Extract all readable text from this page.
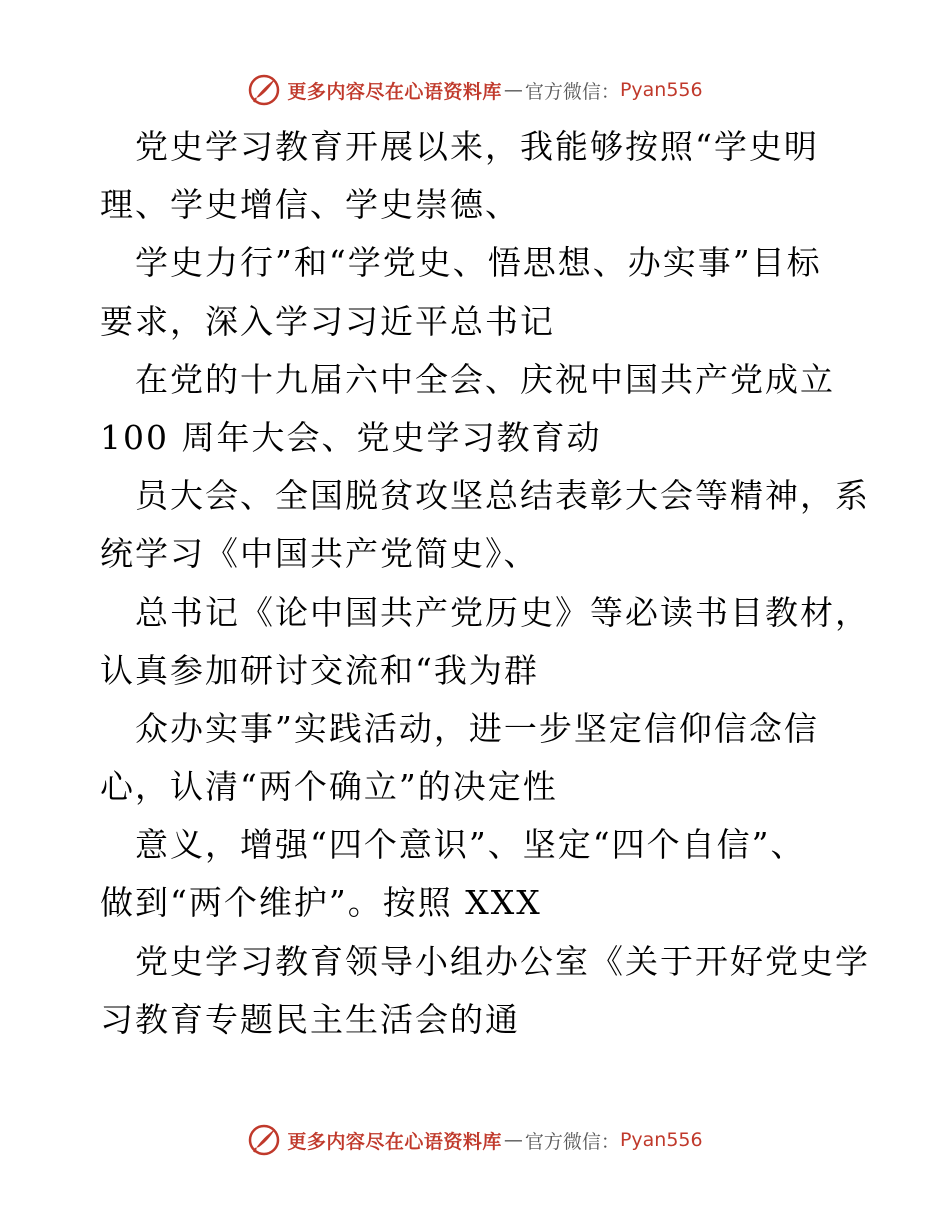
更多内容尽在心语资料库 — 官方微信： Pyan556
党史学习教育开展以来，我能够按照“学史明
理、学史增信、学史崇德、
学史力行”和“学党史、悟思想、办实事”目标
要求，深入学习习近平总书记
在党的十九届六中全会、庆祝中国共产党成立
100 周年大会、党史学习教育动
员大会、全国脱贫攻坚总结表彰大会等精神，系
统学习《中国共产党简史》、
总书记《论中国共产党历史》等必读书目教材，
认真参加研讨交流和“我为群
众办实事”实践活动，进一步坚定信仰信念信
心，认清“两个确立”的决定性
意义，增强“四个意识”、坚定“四个自信”、
做到“两个维护”。按照 XXX
党史学习教育领导小组办公室《关于开好党史学
习教育专题民主生活会的通
更多内容尽在心语资料库 — 官方微信： Pyan556
